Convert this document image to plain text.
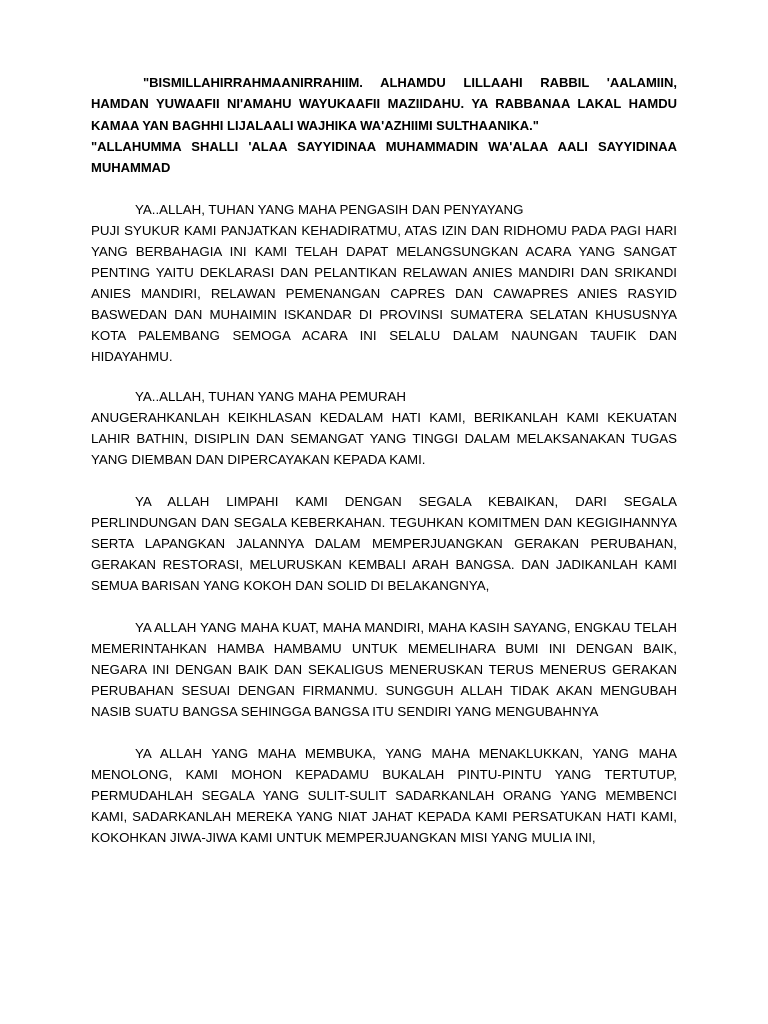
"BISMILLAHIRRAHMAANIRRAHIIM. ALHAMDU LILLAAHI RABBIL 'AALAMIIN, HAMDAN YUWAAFII NI'AMAHU WAYUKAAFII MAZIIDAHU. YA RABBANAA LAKAL HAMDU KAMAA YAN BAGHHI LIJALAALI WAJHIKA WA'AZHIIMI SULTHAANIKA."

"ALLAHUMMA SHALLI 'ALAA SAYYIDINAA MUHAMMADIN WA'ALAA AALI SAYYIDINAA MUHAMMAD

YA..ALLAH, TUHAN YANG MAHA PENGASIH DAN PENYAYANG

PUJI SYUKUR KAMI PANJATKAN KEHADIRATMU, ATAS IZIN DAN RIDHOMU PADA PAGI HARI YANG BERBAHAGIA INI KAMI TELAH DAPAT MELANGSUNGKAN ACARA YANG SANGAT PENTING YAITU DEKLARASI DAN PELANTIKAN RELAWAN ANIES MANDIRI DAN SRIKANDI ANIES MANDIRI, RELAWAN PEMENANGAN CAPRES DAN CAWAPRES ANIES RASYID BASWEDAN DAN MUHAIMIN ISKANDAR DI PROVINSI SUMATERA SELATAN KHUSUSNYA KOTA PALEMBANG SEMOGA ACARA INI SELALU DALAM NAUNGAN TAUFIK DAN HIDAYAHMU.

YA..ALLAH, TUHAN YANG MAHA PEMURAH

ANUGERAHKANLAH KEIKHLASAN KEDALAM HATI KAMI, BERIKANLAH KAMI KEKUATAN LAHIR BATHIN, DISIPLIN DAN SEMANGAT YANG TINGGI DALAM MELAKSANAKAN TUGAS YANG DIEMBAN DAN DIPERCAYAKAN KEPADA KAMI.

YA ALLAH LIMPAHI KAMI DENGAN SEGALA KEBAIKAN, DARI SEGALA PERLINDUNGAN DAN SEGALA KEBERKAHAN. TEGUHKAN KOMITMEN DAN KEGIGIHANNYA SERTA LAPANGKAN JALANNYA DALAM MEMPERJUANGKAN GERAKAN PERUBAHAN, GERAKAN RESTORASI, MELURUSKAN KEMBALI ARAH BANGSA. DAN JADIKANLAH KAMI SEMUA BARISAN YANG KOKOH DAN SOLID DI BELAKANGNYA,

YA ALLAH YANG MAHA KUAT, MAHA MANDIRI, MAHA KASIH SAYANG, ENGKAU TELAH MEMERINTAHKAN HAMBA HAMBAMU UNTUK MEMELIHARA BUMI INI DENGAN BAIK, NEGARA INI DENGAN BAIK DAN SEKALIGUS MENERUSKAN TERUS MENERUS GERAKAN PERUBAHAN SESUAI DENGAN FIRMANMU. SUNGGUH ALLAH TIDAK AKAN MENGUBAH NASIB SUATU BANGSA SEHINGGA BANGSA ITU SENDIRI YANG MENGUBAHNYA

YA ALLAH YANG MAHA MEMBUKA, YANG MAHA MENAKLUKKAN, YANG MAHA MENOLONG, KAMI MOHON KEPADAMU BUKALAH PINTU-PINTU YANG TERTUTUP, PERMUDAHLAH SEGALA YANG SULIT-SULIT SADARKANLAH ORANG YANG MEMBENCI KAMI, SADARKANLAH MEREKA YANG NIAT JAHAT KEPADA KAMI PERSATUKAN HATI KAMI, KOKOHKAN JIWA-JIWA KAMI UNTUK MEMPERJUANGKAN MISI YANG MULIA INI,
